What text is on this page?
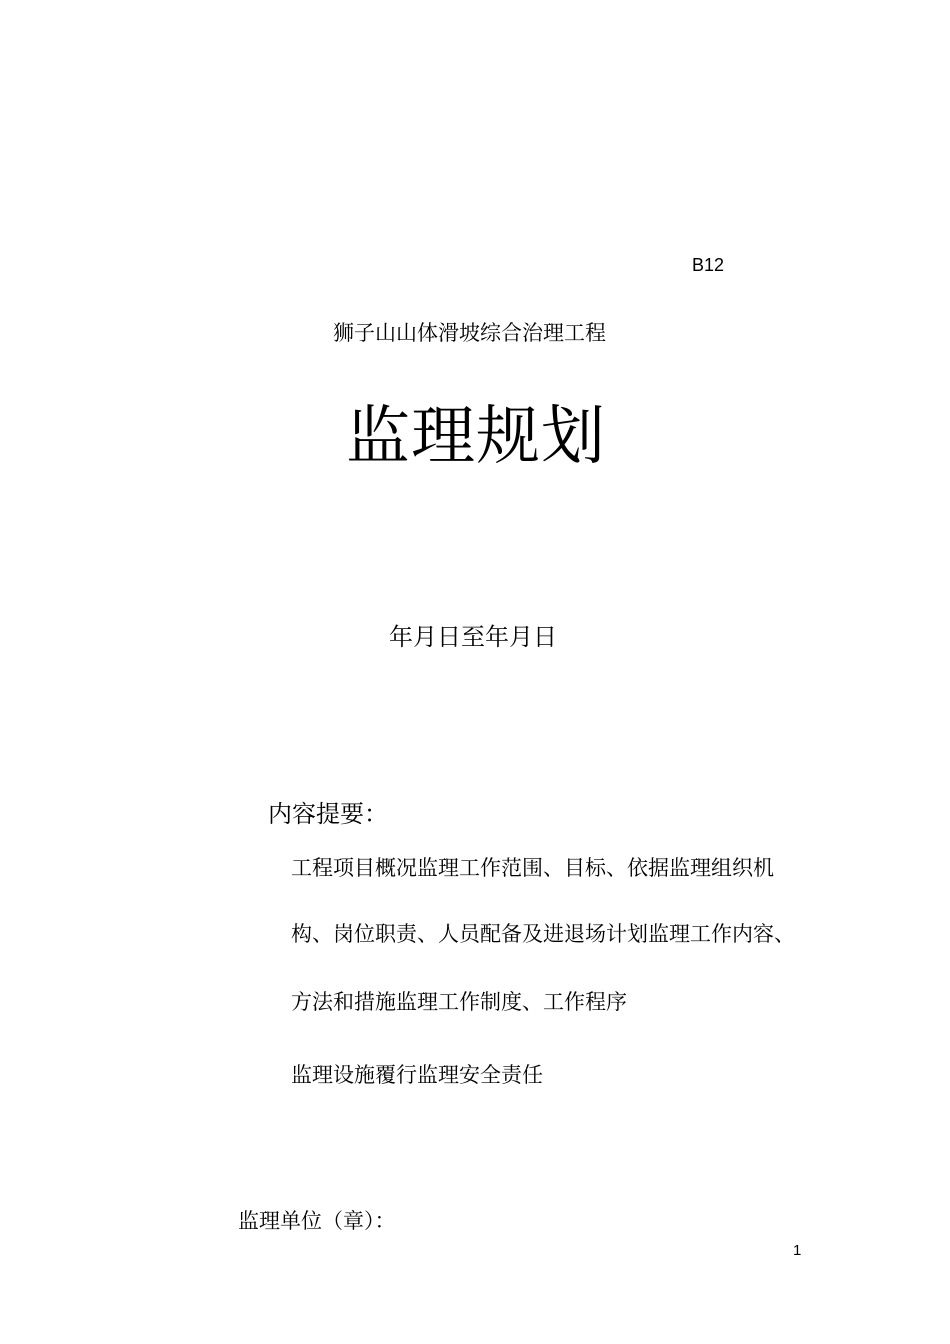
B12
狮子山山体滑坡综合治理工程
监理规划
年月日至年月日
内容提要：
工程项目概况监理工作范围、目标、依据监理组织机
构、岗位职责、人员配备及进退场计划监理工作内容、
方法和措施监理工作制度、工作程序
监理设施覆行监理安全责任
监理单位（章）：
1
